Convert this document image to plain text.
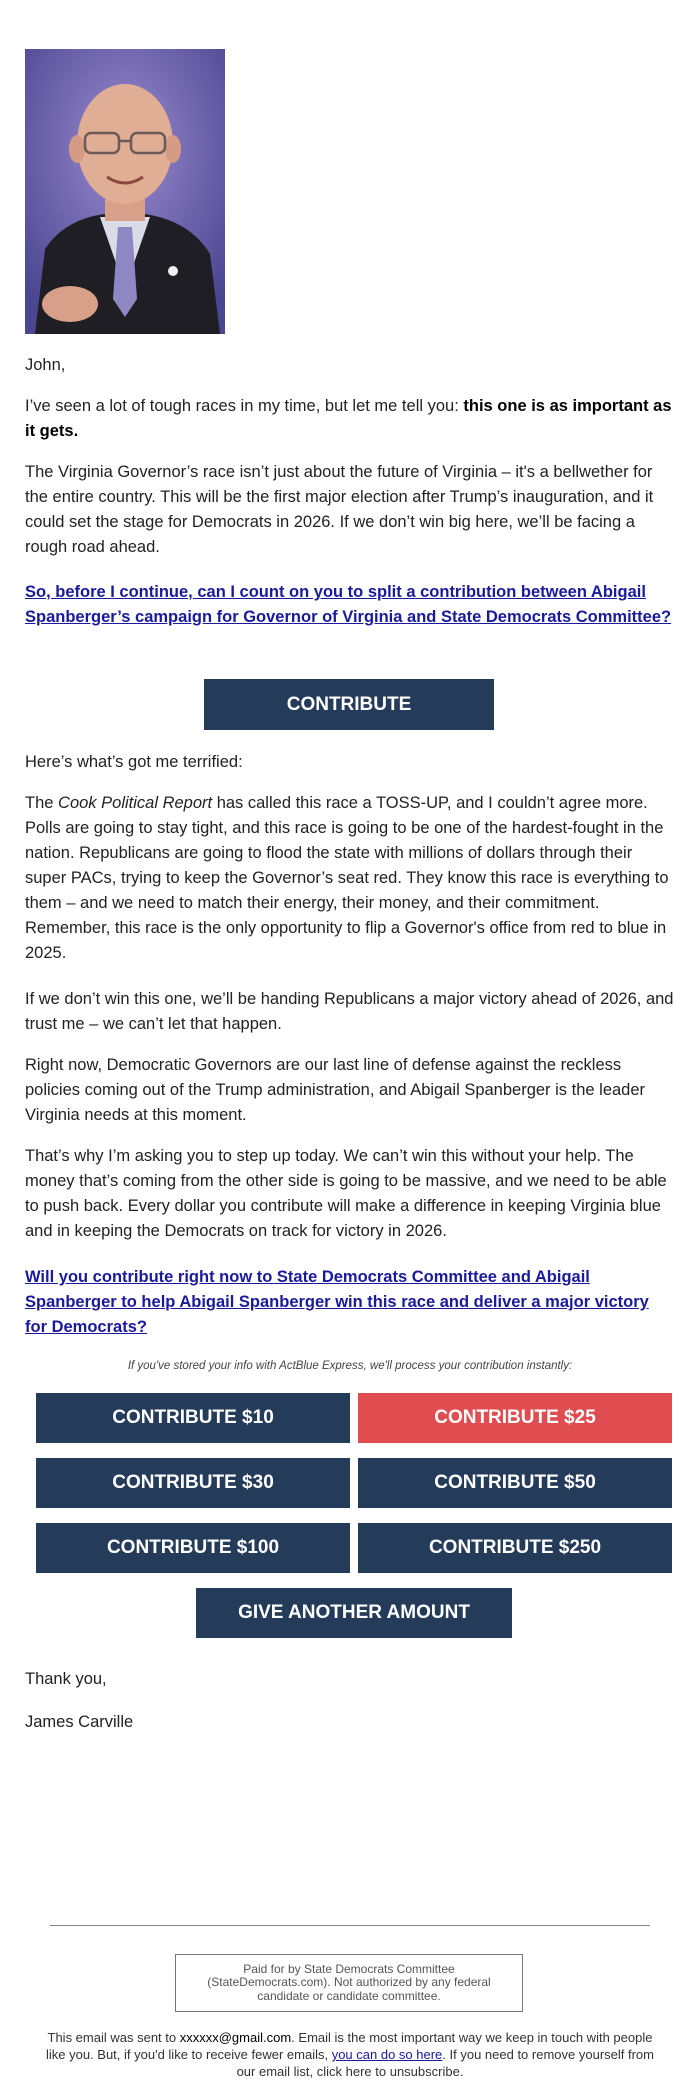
John,

I’ve seen a lot of tough races in my time, but let me tell you: this one is as important as it gets.

The Virginia Governor’s race isn’t just about the future of Virginia – it's a bellwether for the entire country. This will be the first major election after Trump’s inauguration, and it could set the stage for Democrats in 2026. If we don’t win big here, we’ll be facing a rough road ahead.

So, before I continue, can I count on you to split a contribution between Abigail Spanberger’s campaign for Governor of Virginia and State Democrats Committee?
CONTRIBUTE

Here’s what’s got me terrified:

The Cook Political Report has called this race a TOSS-UP, and I couldn’t agree more. Polls are going to stay tight, and this race is going to be one of the hardest-fought in the nation. Republicans are going to flood the state with millions of dollars through their super PACs, trying to keep the Governor’s seat red. They know this race is everything to them – and we need to match their energy, their money, and their commitment. Remember, this race is the only opportunity to flip a Governor's office from red to blue in 2025.

If we don’t win this one, we’ll be handing Republicans a major victory ahead of 2026, and trust me – we can’t let that happen.

Right now, Democratic Governors are our last line of defense against the reckless policies coming out of the Trump administration, and Abigail Spanberger is the leader Virginia needs at this moment.

That’s why I’m asking you to step up today. We can’t win this without your help. The money that’s coming from the other side is going to be massive, and we need to be able to push back. Every dollar you contribute will make a difference in keeping Virginia blue and in keeping the Democrats on track for victory in 2026.

Will you contribute right now to State Democrats Committee and Abigail Spanberger to help Abigail Spanberger win this race and deliver a major victory for Democrats?
If you've stored your info with ActBlue Express, we'll process your contribution instantly:
CONTRIBUTE $10	CONTRIBUTE $25
CONTRIBUTE $30	CONTRIBUTE $50
CONTRIBUTE $100	CONTRIBUTE $250
GIVE ANOTHER AMOUNT

Thank you,

James Carville

Paid for by State Democrats Committee (StateDemocrats.com). Not authorized by any federal candidate or candidate committee.
This email was sent to xxxxxx@gmail.com. Email is the most important way we keep in touch with people like you. But, if you'd like to receive fewer emails, you can do so here. If you need to remove yourself from our email list, click here to unsubscribe.
